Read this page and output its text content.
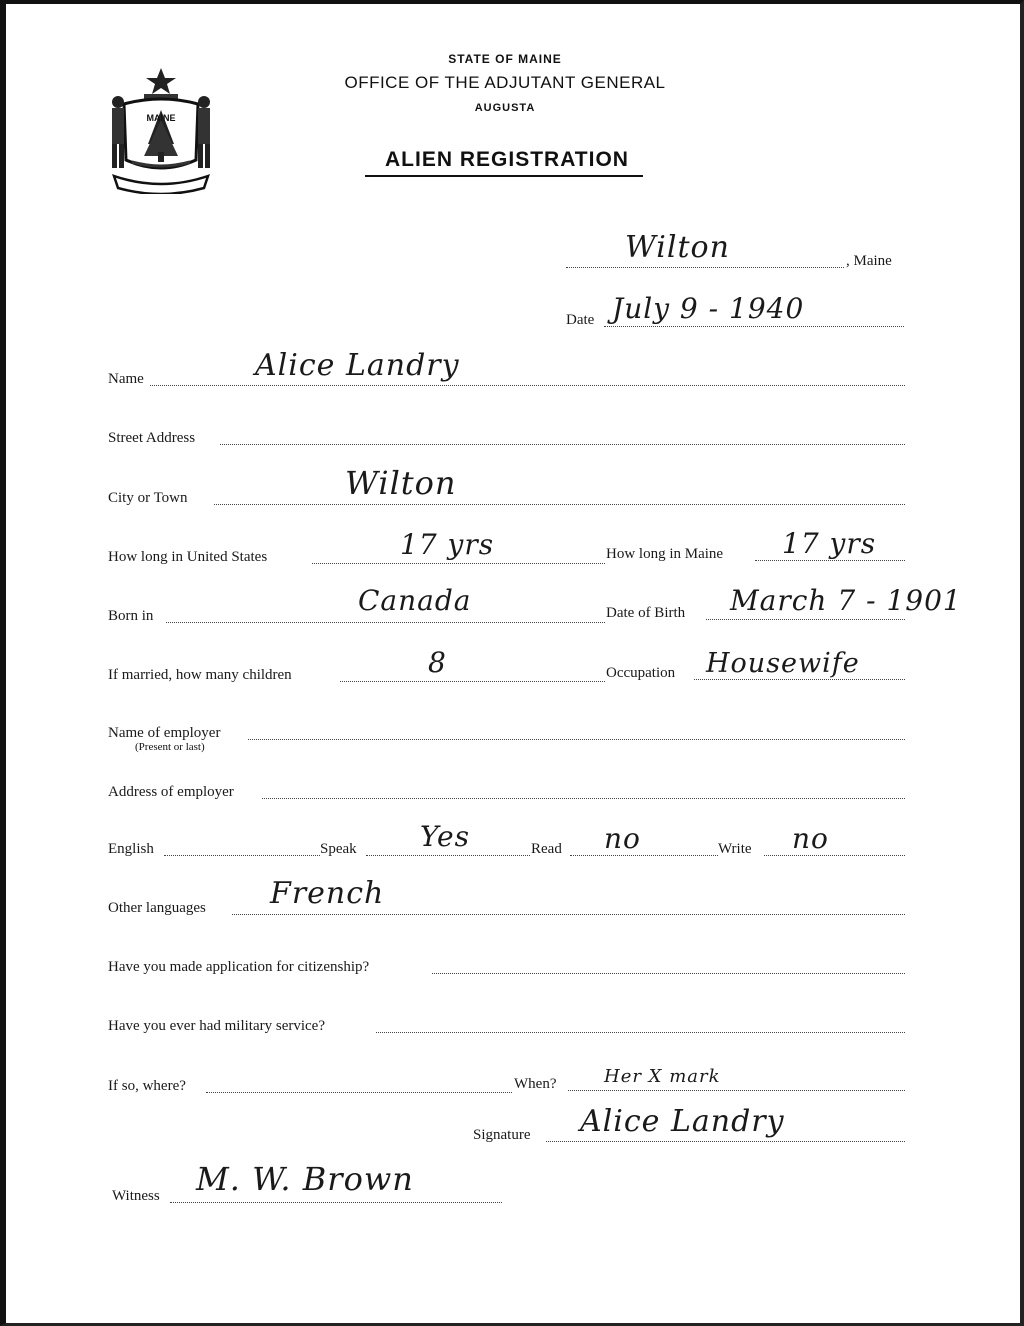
MAINE
STATE OF MAINE
OFFICE OF THE ADJUTANT GENERAL
AUGUSTA
ALIEN REGISTRATION
Wilton	, Maine
Date July 9 - 1940
Name	Alice Landry
Street Address
City or Town	Wilton
How long in United States	17 yrs	How long in Maine 17 yrs
Born in	Canada	Date of Birth March 7 - 1901
If married, how many children	8	Occupation Housewife
Name of employer
(Present or last)
Address of employer
English	Speak Yes	Read no	Write no
Other languages French
Have you made application for citizenship?
Have you ever had military service?
If so, where?	When?	Her X mark
Signature Alice Landry
Witness M. W. Brown
